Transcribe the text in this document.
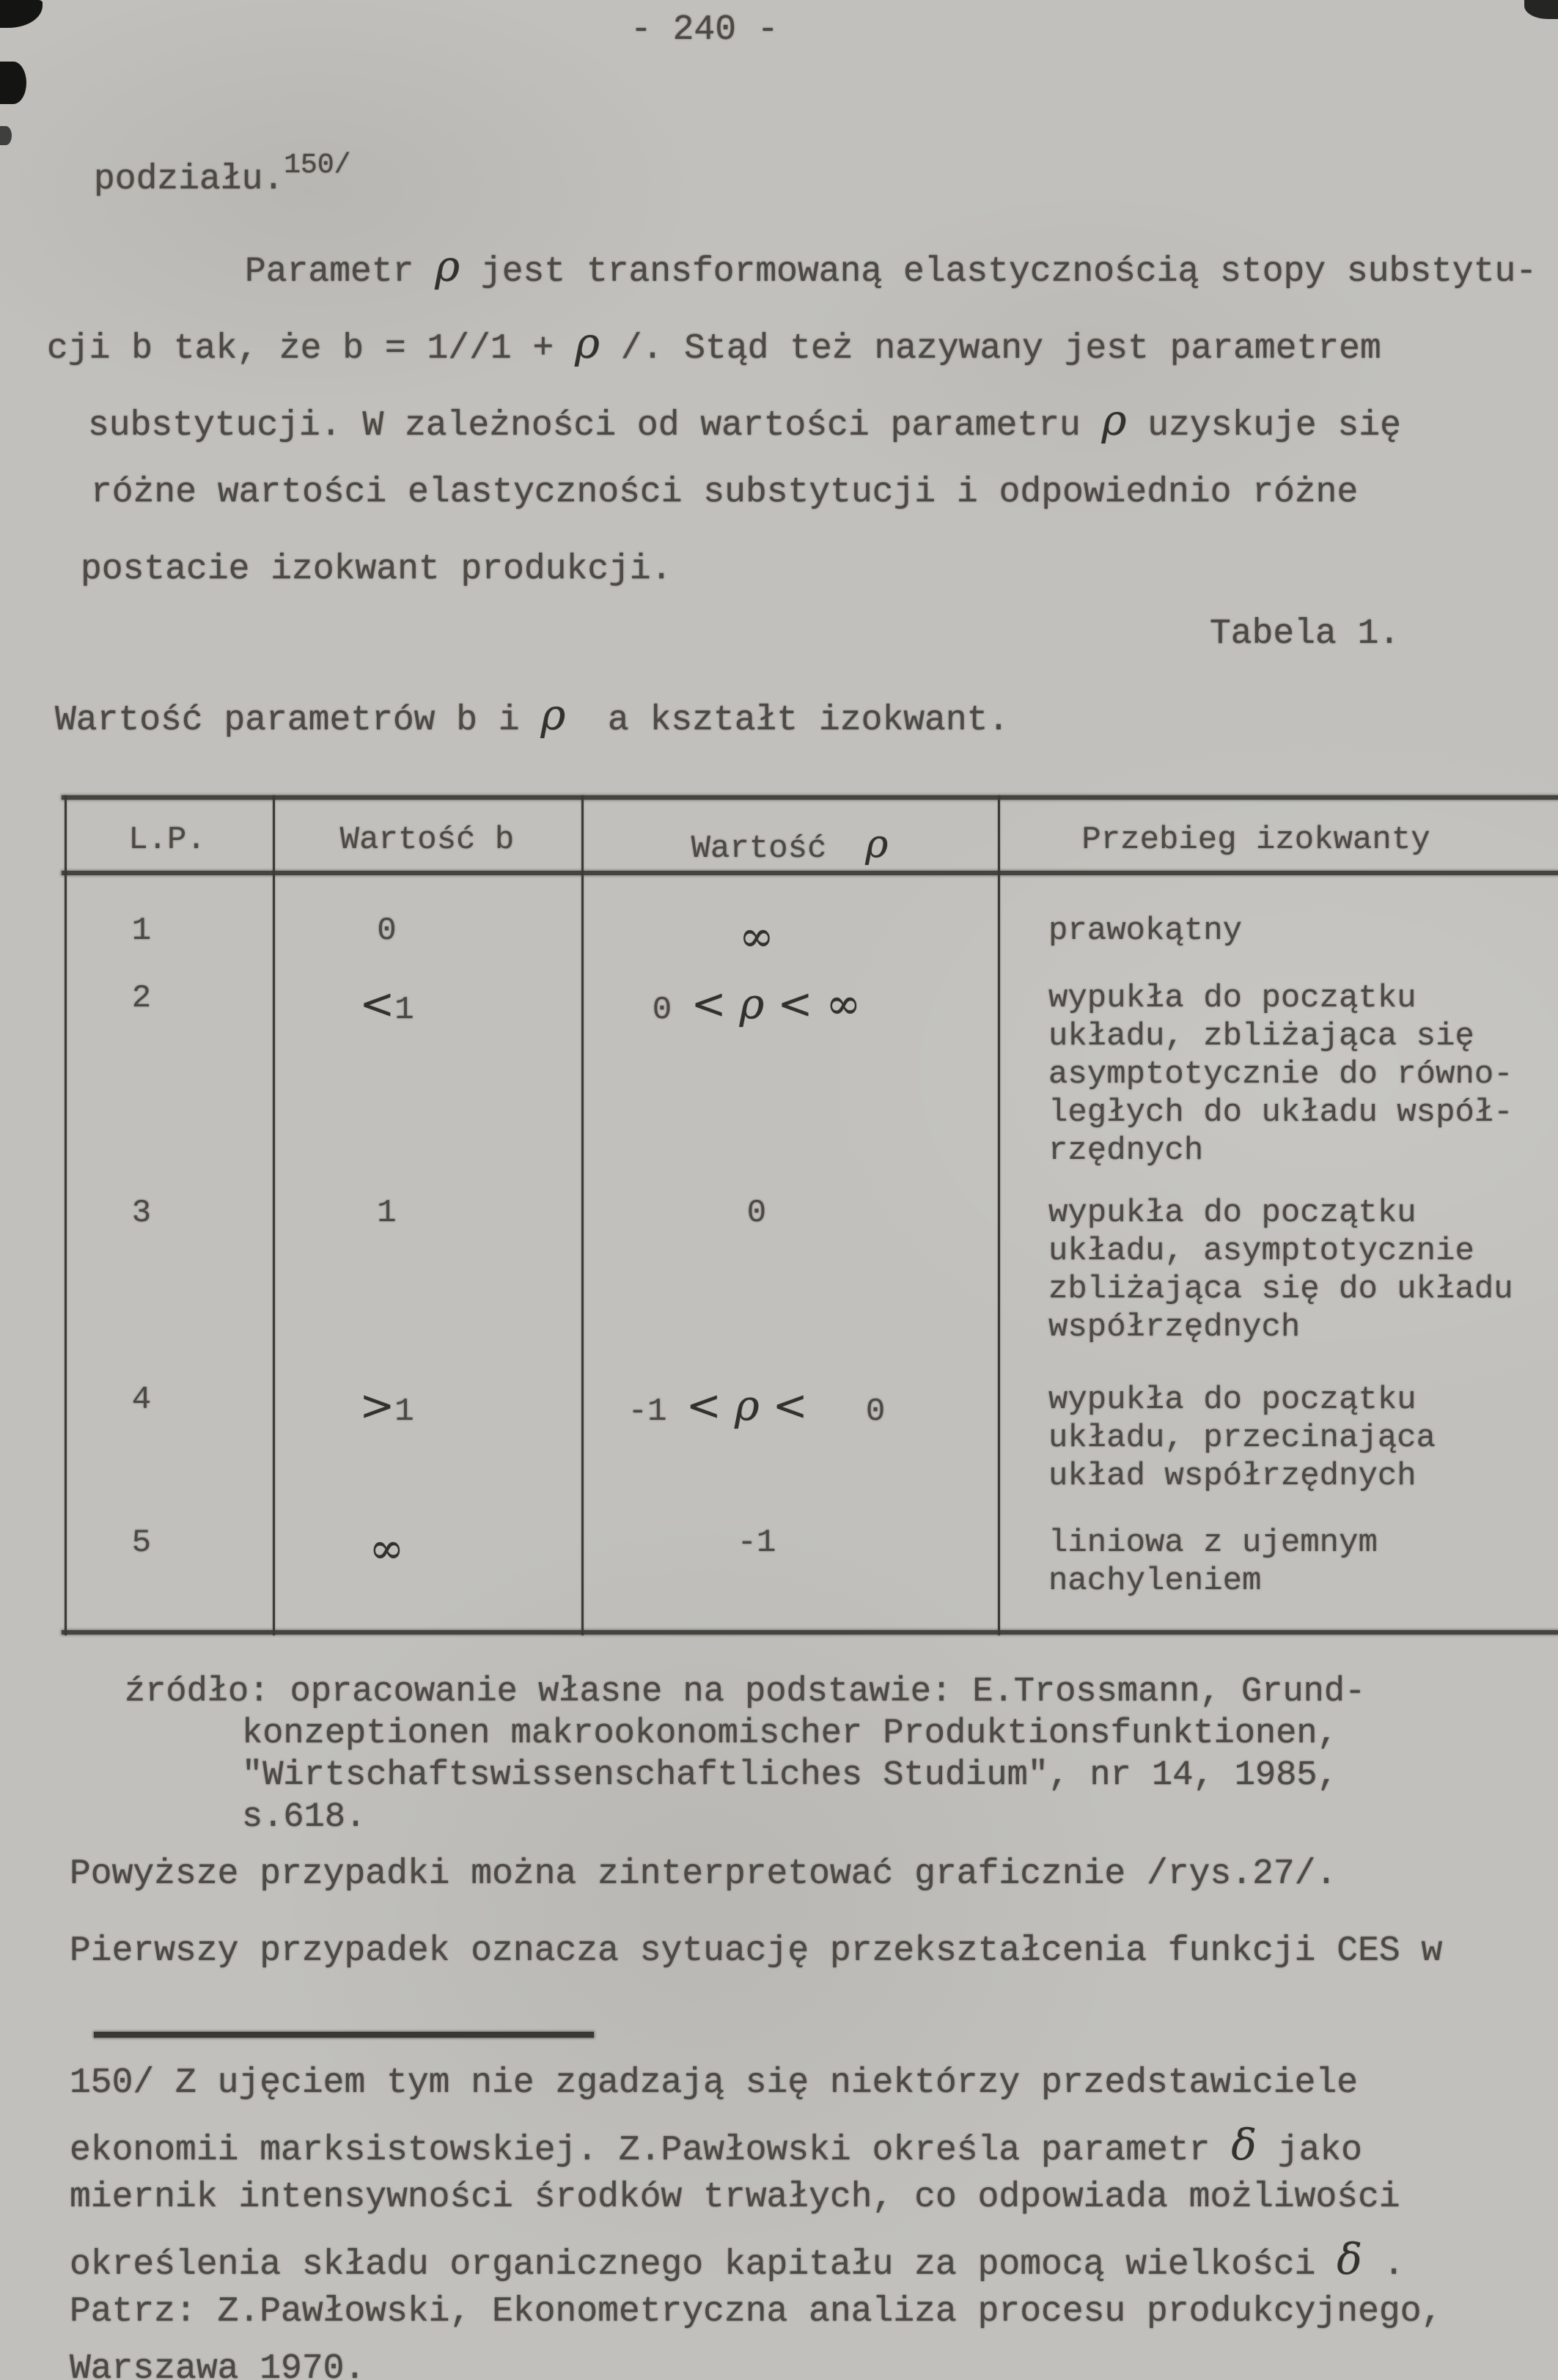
- 240 -
podziału.$^{150/}$
Parametr ρ jest transformowaną elastycznością stopy substytu-
cji b tak, że b = 1//1 + ρ /. Stąd też nazywany jest parametrem
substytucji. W zależności od wartości parametru ρ uzyskuje się
różne wartości elastyczności substytucji i odpowiednio różne
postacie izokwant produkcji.
Tabela 1.
Wartość parametrów b i ρ  a kształt izokwant.
L.P.	Wartość b	Wartość  ρ	Przebieg izokwanty
1	0	∞	prawokątny
2	<1	0 < ρ < ∞	wypukła do początku
układu, zbliżająca się
asymptotycznie do równo-
ległych do układu współ-
rzędnych
3	1	0	wypukła do początku
układu, asymptotycznie
zbliżająca się do układu
współrzędnych
4	>1	-1 < ρ <   0	wypukła do początku
układu, przecinająca
układ współrzędnych
5	∞	-1	liniowa z ujemnym
nachyleniem
źródło: opracowanie własne na podstawie: E.Trossmann, Grund-
konzeptionen makrookonomischer Produktionsfunktionen,
"Wirtschaftswissenschaftliches Studium", nr 14, 1985,
s.618.
Powyższe przypadki można zinterpretować graficznie /rys.27/.
Pierwszy przypadek oznacza sytuację przekształcenia funkcji CES w
150/ Z ujęciem tym nie zgadzają się niektórzy przedstawiciele
ekonomii marksistowskiej. Z.Pawłowski określa parametr δ jako
miernik intensywności środków trwałych, co odpowiada możliwości
określenia składu organicznego kapitału za pomocą wielkości δ .
Patrz: Z.Pawłowski, Ekonometryczna analiza procesu produkcyjnego,
Warszawa 1970.
